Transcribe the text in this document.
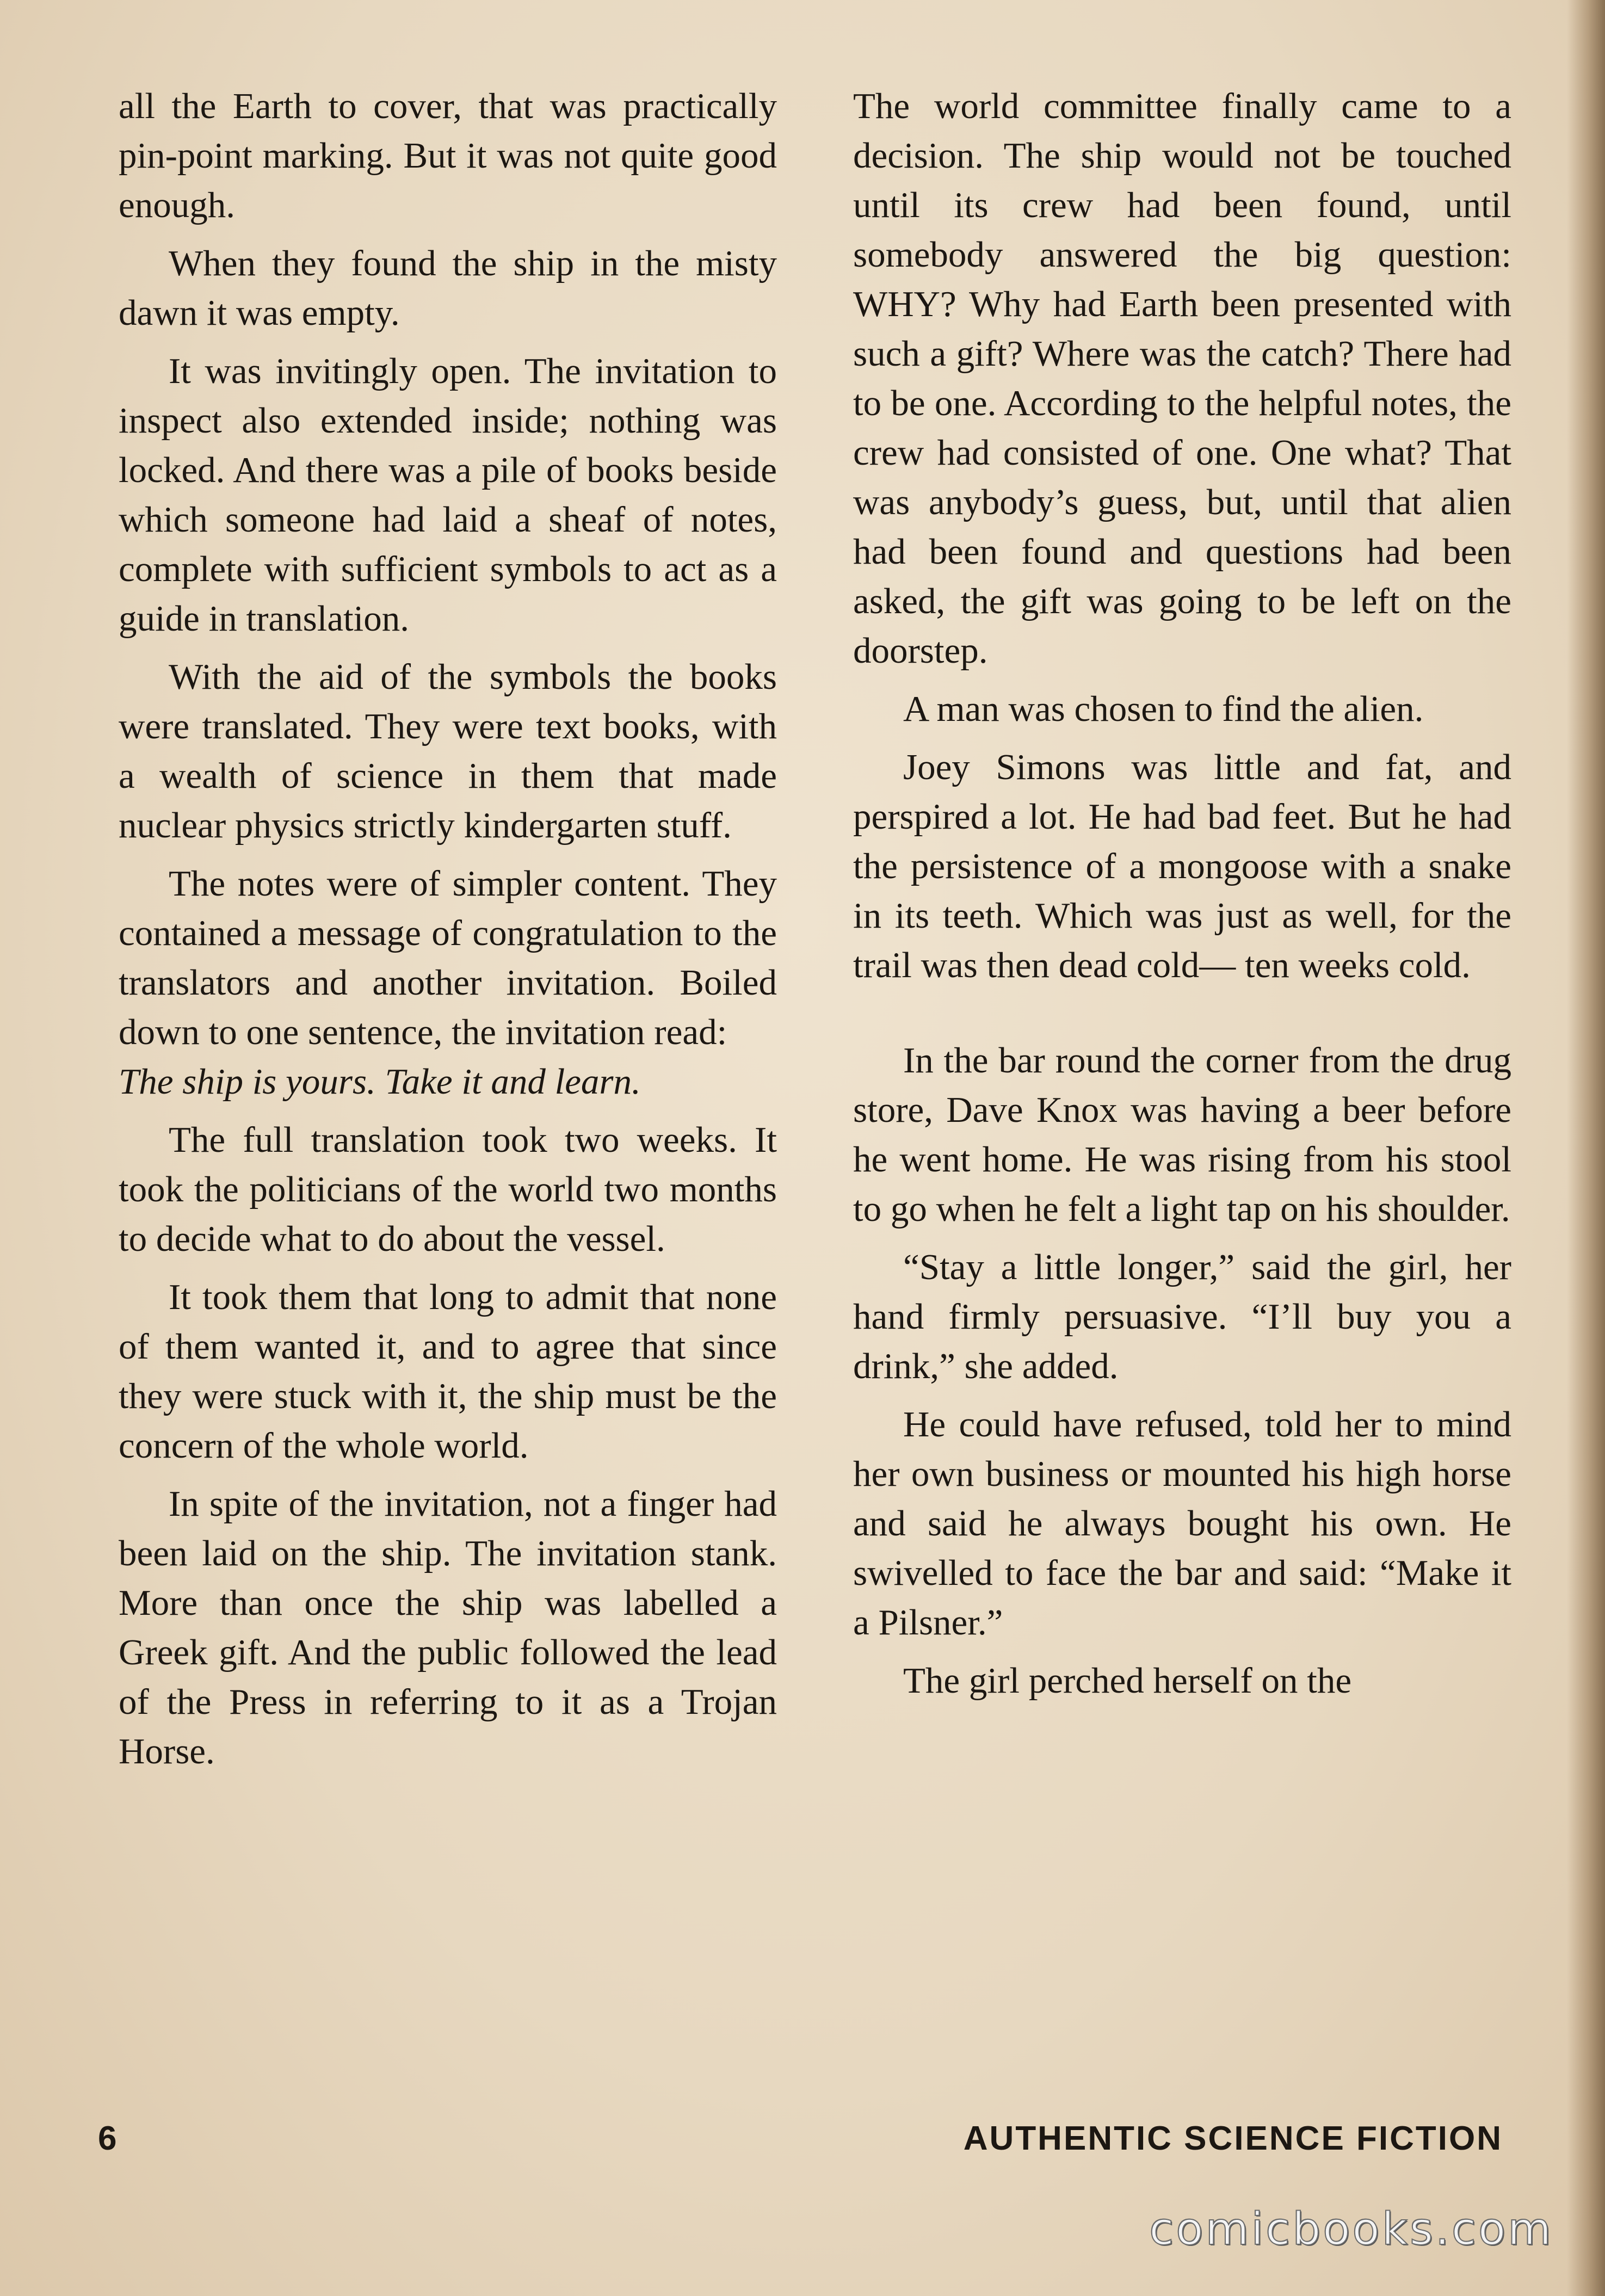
all the Earth to cover, that was practically pin-point marking. But it was not quite good enough.

When they found the ship in the misty dawn it was empty.

It was invitingly open. The invitation to inspect also extended inside; nothing was locked. And there was a pile of books beside which someone had laid a sheaf of notes, complete with sufficient symbols to act as a guide in translation.

With the aid of the symbols the books were translated. They were text books, with a wealth of science in them that made nuclear physics strictly kindergarten stuff.

The notes were of simpler content. They contained a message of congratulation to the translators and another invitation. Boiled down to one sentence, the invitation read:

The ship is yours. Take it and learn.

The full translation took two weeks. It took the politicians of the world two months to decide what to do about the vessel.

It took them that long to admit that none of them wanted it, and to agree that since they were stuck with it, the ship must be the concern of the whole world.

In spite of the invitation, not a finger had been laid on the ship. The invitation stank. More than once the ship was labelled a Greek gift. And the public followed the lead of the Press in referring to it as a Trojan Horse.

The world committee finally came to a decision. The ship would not be touched until its crew had been found, until somebody answered the big question: WHY? Why had Earth been presented with such a gift? Where was the catch? There had to be one. According to the helpful notes, the crew had consisted of one. One what? That was anybody’s guess, but, until that alien had been found and questions had been asked, the gift was going to be left on the doorstep.

A man was chosen to find the alien.

Joey Simons was little and fat, and perspired a lot. He had bad feet. But he had the persistence of a mongoose with a snake in its teeth. Which was just as well, for the trail was then dead cold— ten weeks cold.

In the bar round the corner from the drug store, Dave Knox was having a beer before he went home. He was rising from his stool to go when he felt a light tap on his shoulder.

“Stay a little longer,” said the girl, her hand firmly persuasive. “I’ll buy you a drink,” she added.

He could have refused, told her to mind her own business or mounted his high horse and said he always bought his own. He swivelled to face the bar and said: “Make it a Pilsner.”

The girl perched herself on the

6	AUTHENTIC SCIENCE FICTION
comicbooks.com
